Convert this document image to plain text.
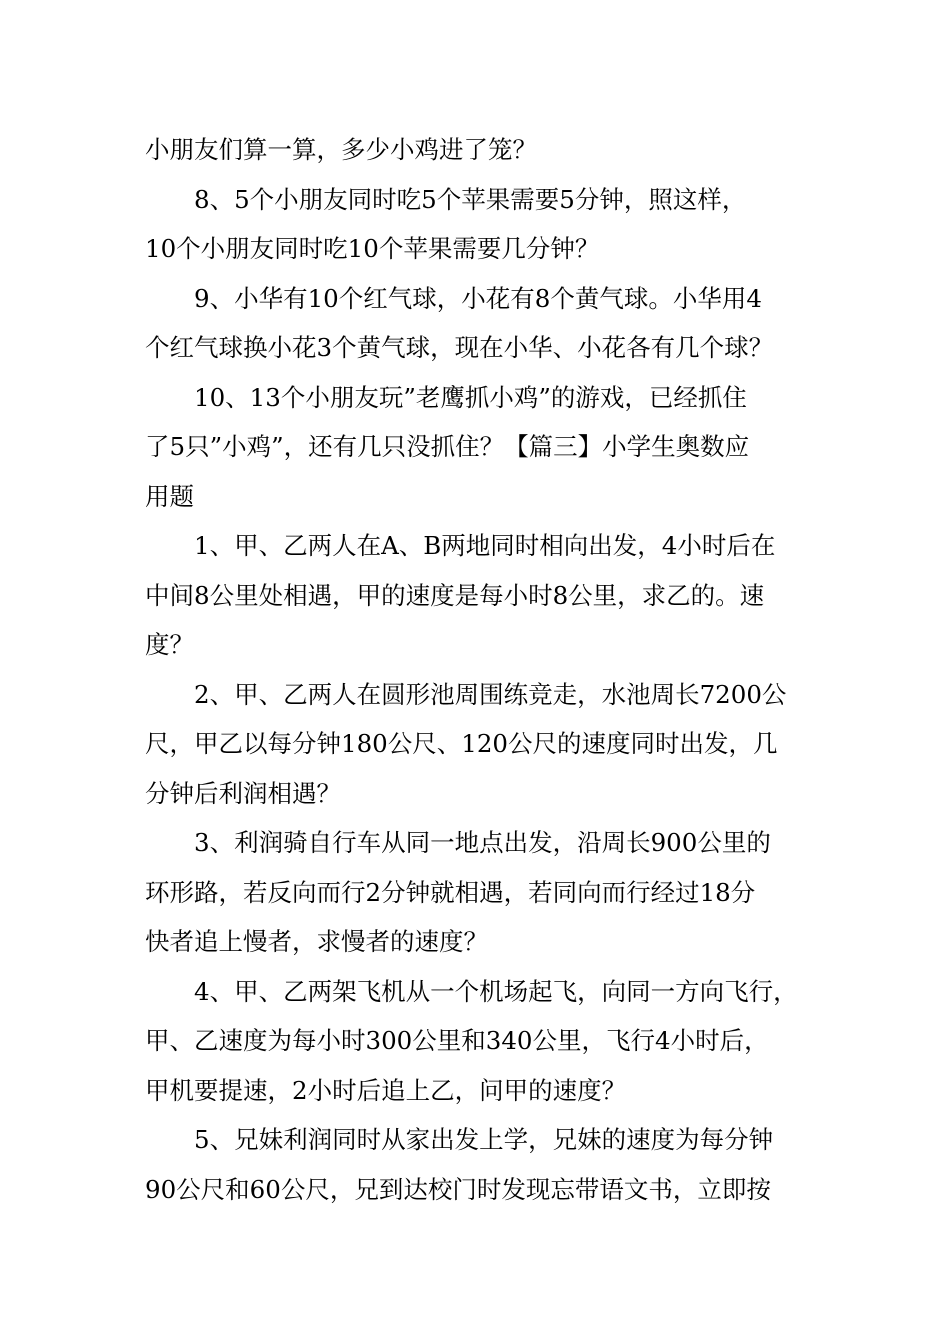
小朋友们算一算，多少小鸡进了笼？
8、5个小朋友同时吃5个苹果需要5分钟，照这样，
10个小朋友同时吃10个苹果需要几分钟？
9、小华有10个红气球，小花有8个黄气球。小华用4
个红气球换小花3个黄气球，现在小华、小花各有几个球？
10、13个小朋友玩”老鹰抓小鸡”的游戏，已经抓住
了5只”小鸡”，还有几只没抓住？【篇三】小学生奥数应
用题
1、甲、乙两人在A、B两地同时相向出发，4小时后在
中间8公里处相遇，甲的速度是每小时8公里，求乙的。速
度？
2、甲、乙两人在圆形池周围练竞走，水池周长7200公
尺，甲乙以每分钟180公尺、120公尺的速度同时出发，几
分钟后利润相遇？
3、利润骑自行车从同一地点出发，沿周长900公里的
环形路，若反向而行2分钟就相遇，若同向而行经过18分
快者追上慢者，求慢者的速度？
4、甲、乙两架飞机从一个机场起飞，向同一方向飞行，
甲、乙速度为每小时300公里和340公里，飞行4小时后，
甲机要提速，2小时后追上乙，问甲的速度？
5、兄妹利润同时从家出发上学，兄妹的速度为每分钟
90公尺和60公尺，兄到达校门时发现忘带语文书，立即按
